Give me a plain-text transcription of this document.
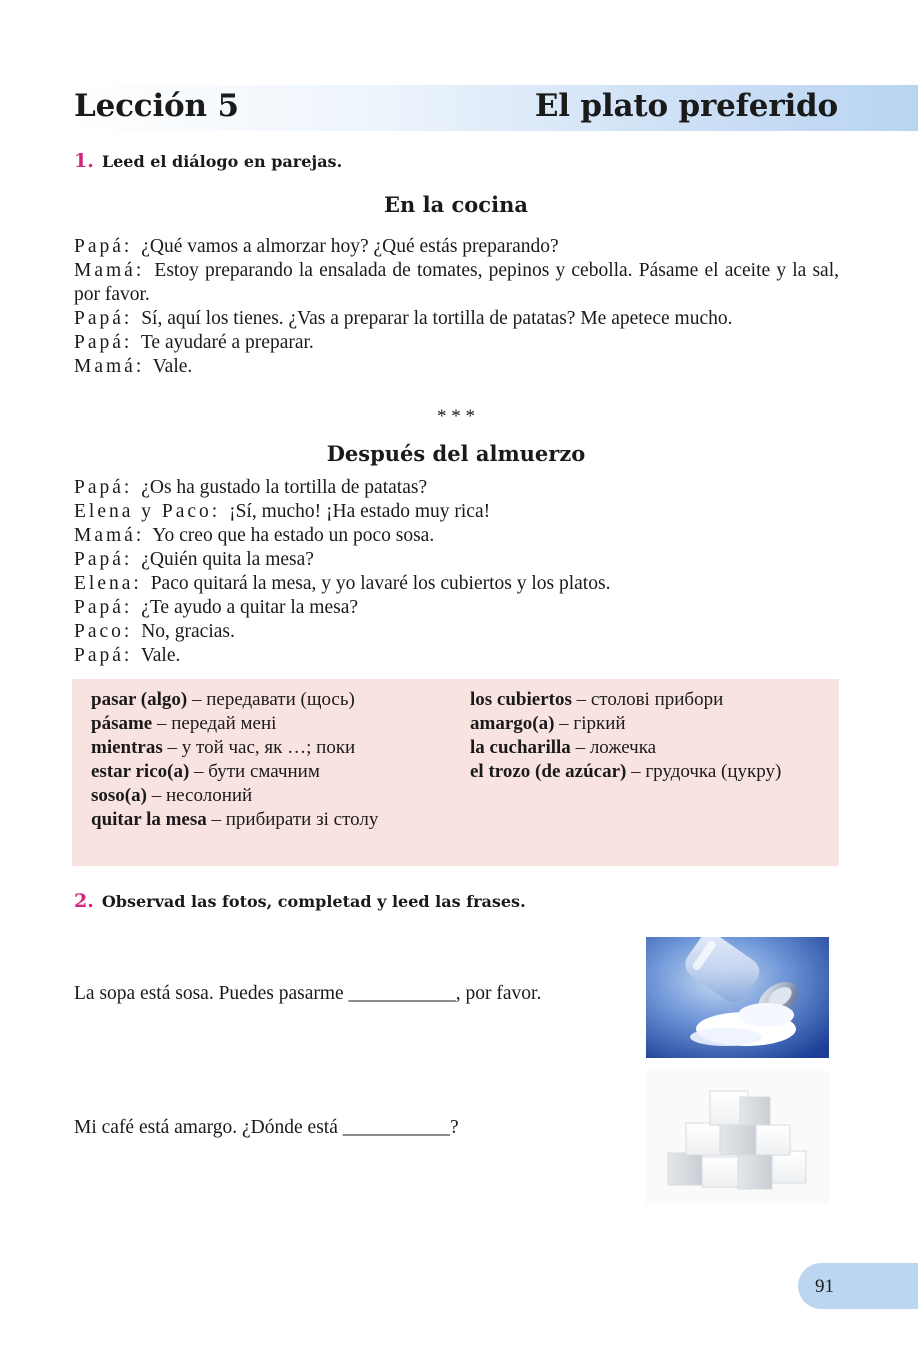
Lección 5	El plato preferido
1. Leed el diálogo en parejas.
En la cocina
Papá: ¿Qué vamos a almorzar hoy? ¿Qué estás preparando?
Mamá: Estoy preparando la ensalada de tomates, pepinos y cebolla. Pásame el aceite y la sal, por favor.
Papá: Sí, aquí los tienes. ¿Vas a preparar la tortilla de patatas? Me apetece mucho.
Papá: Te ayudaré a preparar.
Mamá: Vale.
* * *
Después del almuerzo
Papá: ¿Os ha gustado la tortilla de patatas?
Elena y Paco: ¡Sí, mucho! ¡Ha estado muy rica!
Mamá: Yo creo que ha estado un poco sosa.
Papá: ¿Quién quita la mesa?
Elena: Paco quitará la mesa, y yo lavaré los cubiertos y los platos.
Papá: ¿Te ayudo a quitar la mesa?
Paco: No, gracias.
Papá: Vale.
pasar (algo) – передавати (щось)
pásame – передай мені
mientras – у той час, як …; поки
estar rico(a) – бути смачним
soso(a) – несолоний
quitar la mesa – прибирати зі столу
los cubiertos – столові прибори
amargo(a) – гіркий
la cucharilla – ложечка
el trozo (de azúcar) – грудочка (цукру)
2. Observad las fotos, completad y leed las frases.
La sopa está sosa. Puedes pasarme ___________, por favor.
Mi café está amargo. ¿Dónde está ___________?
91
